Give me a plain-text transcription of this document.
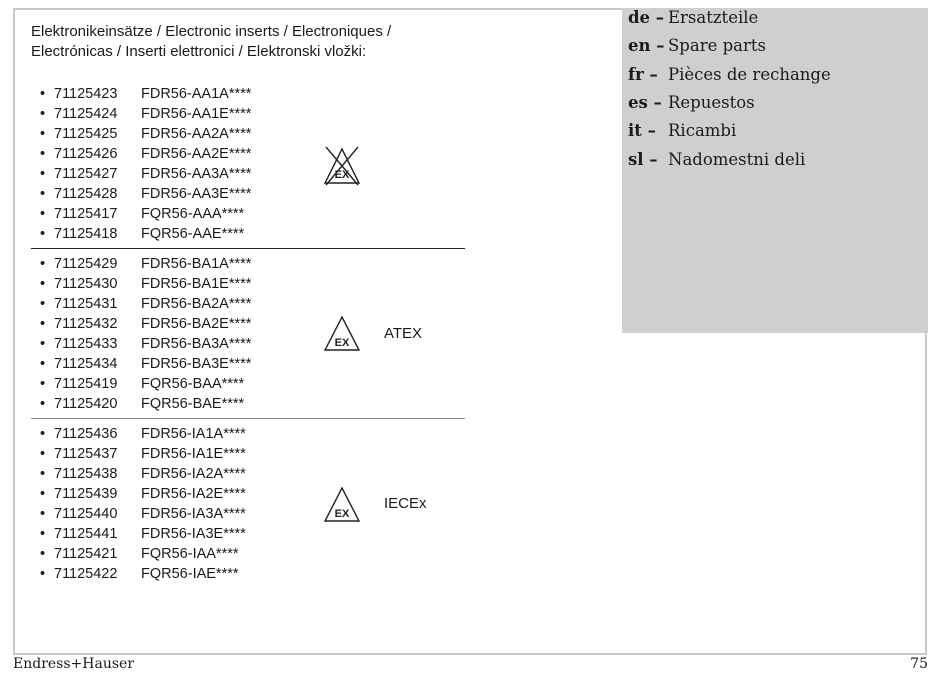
de – Ersatzteile
en – Spare parts
fr – Pièces de rechange
es – Repuestos
it – Ricambi
sl – Nadomestni deli
Elektronikeinsätze / Electronic inserts / Electroniques /
Electrónicas / Inserti elettronici / Elektronski vložki:
• 71125423 FDR56-AA1A****
• 71125424 FDR56-AA1E****
• 71125425 FDR56-AA2A****
• 71125426 FDR56-AA2E****
• 71125427 FDR56-AA3A****
• 71125428 FDR56-AA3E****
• 71125417 FQR56-AAA****
• 71125418 FQR56-AAE****
• 71125429 FDR56-BA1A****
• 71125430 FDR56-BA1E****
• 71125431 FDR56-BA2A****
• 71125432 FDR56-BA2E****
• 71125433 FDR56-BA3A****
• 71125434 FDR56-BA3E****
• 71125419 FQR56-BAA****
• 71125420 FQR56-BAE****
• 71125436 FDR56-IA1A****
• 71125437 FDR56-IA1E****
• 71125438 FDR56-IA2A****
• 71125439 FDR56-IA2E****
• 71125440 FDR56-IA3A****
• 71125441 FDR56-IA3E****
• 71125421 FQR56-IAA****
• 71125422 FQR56-IAE****
EX
EX
ATEX
EX
IECEx
Endress+Hauser	75
